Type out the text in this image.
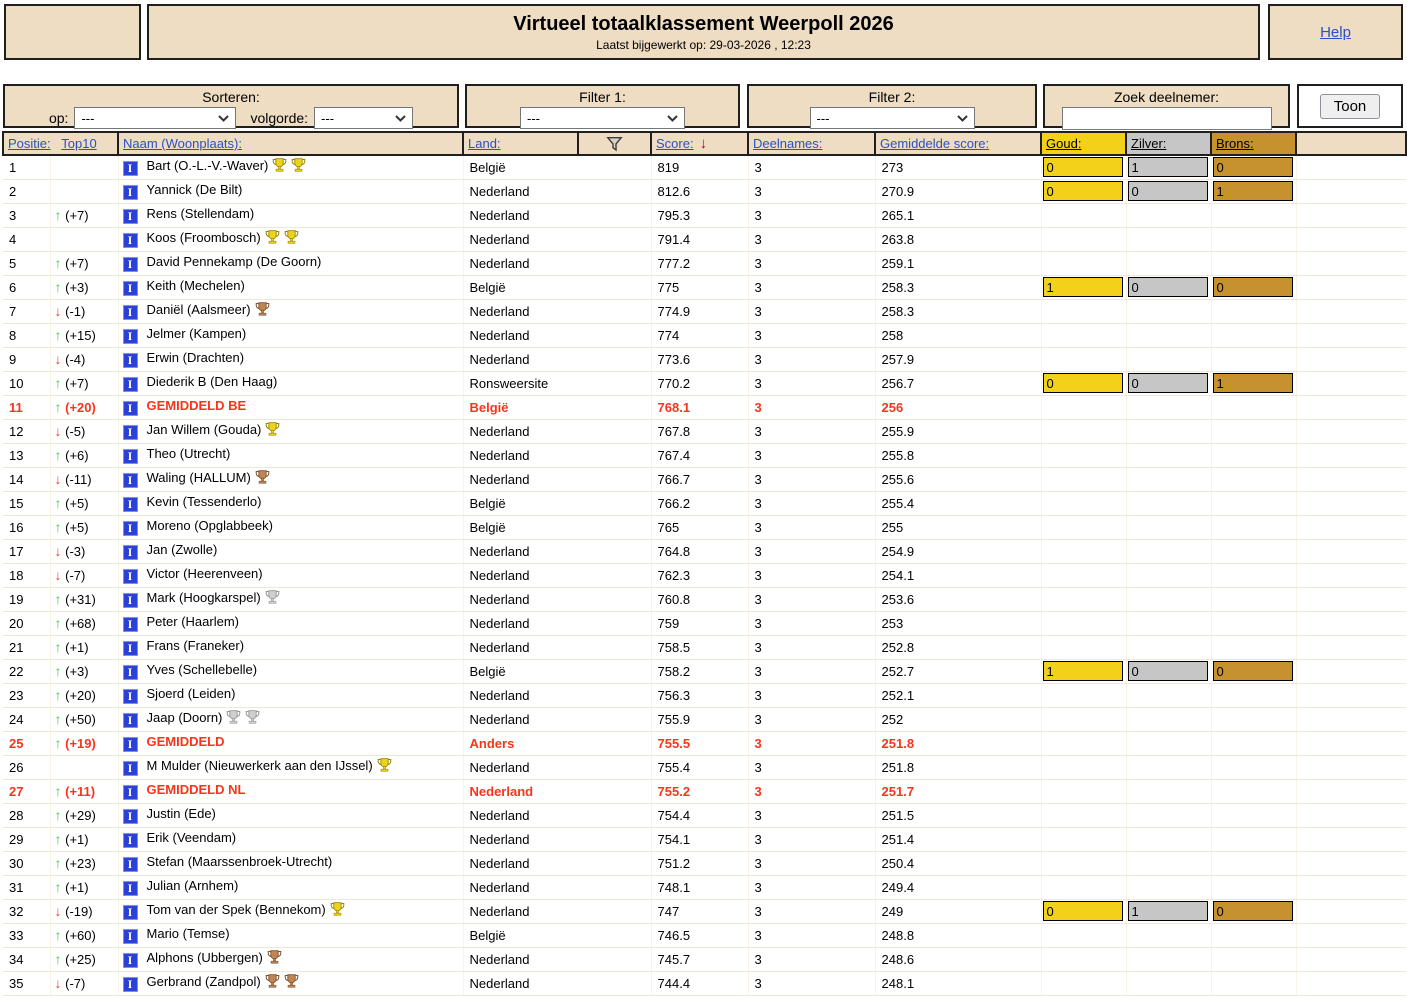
Virtueel totaalklassement Weerpoll 2026
Laatst bijgewerkt op: 29-03-2026 , 12:23
Help
Sorteren:
op: ---	volgorde: ---
Filter 1:
---
Filter 2:
---
Zoek deelnemer:
Toon
Positie: Top10		Naam (Woonplaats):	Land:		Score: ↓	Deelnames:	Gemiddelde score:	Goud:	Zilver:	Brons:	
1		I Bart (O.-L.-V.-Waver)	België		819	3	273	0	1	0	

2		I Yannick (De Bilt)	Nederland		812.6	3	270.9	0	0	1	

3	↑ (+7)	I Rens (Stellendam)	Nederland		795.3	3	265.1				
4		I Koos (Froombosch)	Nederland		791.4	3	263.8				
5	↑ (+7)	I David Pennekamp (De Goorn)	Nederland		777.2	3	259.1				
6	↑ (+3)	I Keith (Mechelen)	België		775	3	258.3	1	0	0	

7	↓ (-1)	I Daniël (Aalsmeer)	Nederland		774.9	3	258.3				
8	↑ (+15)	I Jelmer (Kampen)	Nederland		774	3	258				
9	↓ (-4)	I Erwin (Drachten)	Nederland		773.6	3	257.9				
10	↑ (+7)	I Diederik B (Den Haag)	Ronsweersite		770.2	3	256.7	0	0	1	

11	↑ (+20)	I GEMIDDELD BE	België		768.1	3	256				
12	↓ (-5)	I Jan Willem (Gouda)	Nederland		767.8	3	255.9				
13	↑ (+6)	I Theo (Utrecht)	Nederland		767.4	3	255.8				
14	↓ (-11)	I Waling (HALLUM)	Nederland		766.7	3	255.6				
15	↑ (+5)	I Kevin (Tessenderlo)	België		766.2	3	255.4				
16	↑ (+5)	I Moreno (Opglabbeek)	België		765	3	255				
17	↓ (-3)	I Jan (Zwolle)	Nederland		764.8	3	254.9				
18	↓ (-7)	I Victor (Heerenveen)	Nederland		762.3	3	254.1				
19	↑ (+31)	I Mark (Hoogkarspel)	Nederland		760.8	3	253.6				
20	↑ (+68)	I Peter (Haarlem)	Nederland		759	3	253				
21	↑ (+1)	I Frans (Franeker)	Nederland		758.5	3	252.8				
22	↑ (+3)	I Yves (Schellebelle)	België		758.2	3	252.7	1	0	0	

23	↑ (+20)	I Sjoerd (Leiden)	Nederland		756.3	3	252.1				
24	↑ (+50)	I Jaap (Doorn)	Nederland		755.9	3	252				
25	↑ (+19)	I GEMIDDELD	Anders		755.5	3	251.8				
26		I M Mulder (Nieuwerkerk aan den IJssel)	Nederland		755.4	3	251.8				
27	↑ (+11)	I GEMIDDELD NL	Nederland		755.2	3	251.7				
28	↑ (+29)	I Justin (Ede)	Nederland		754.4	3	251.5				
29	↑ (+1)	I Erik (Veendam)	Nederland		754.1	3	251.4				
30	↑ (+23)	I Stefan (Maarssenbroek-Utrecht)	Nederland		751.2	3	250.4				
31	↑ (+1)	I Julian (Arnhem)	Nederland		748.1	3	249.4				
32	↓ (-19)	I Tom van der Spek (Bennekom)	Nederland		747	3	249	0	1	0	

33	↑ (+60)	I Mario (Temse)	België		746.5	3	248.8				
34	↑ (+25)	I Alphons (Ubbergen)	Nederland		745.7	3	248.6				
35	↓ (-7)	I Gerbrand (Zandpol)	Nederland		744.4	3	248.1				
